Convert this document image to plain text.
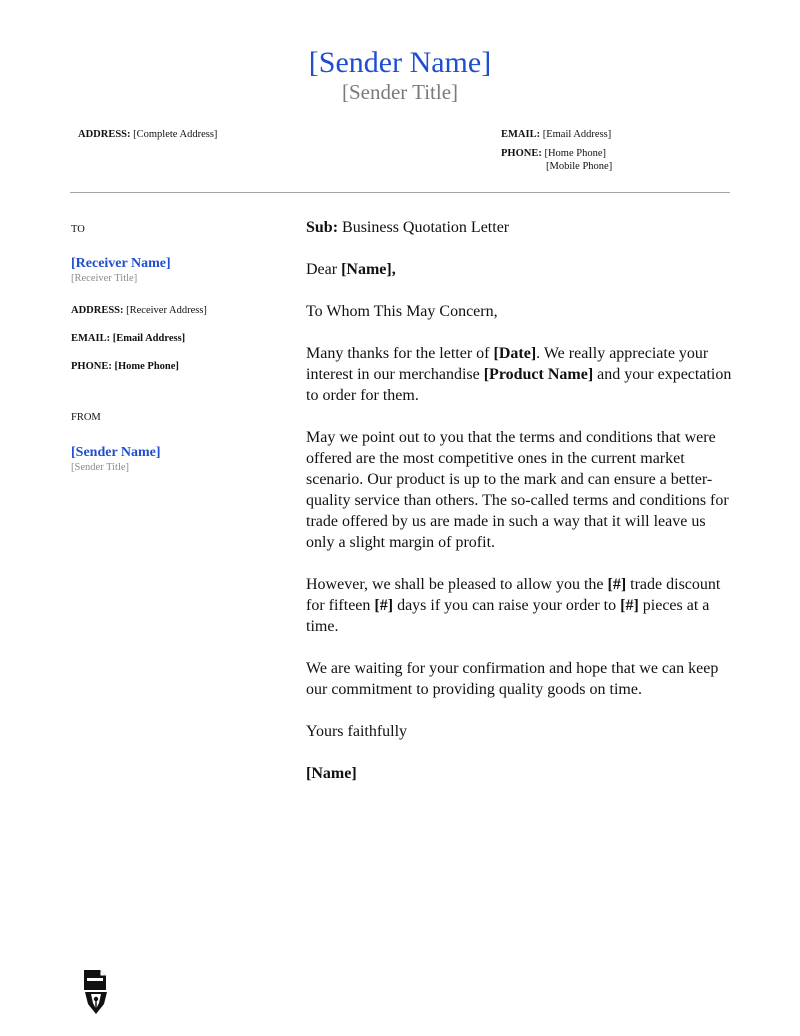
[Sender Name]
[Sender Title]
ADDRESS: [Complete Address]	EMAIL: [Email Address]
PHONE: [Home Phone]
[Mobile Phone]
TO
[Receiver Name]
[Receiver Title]
ADDRESS: [Receiver Address]
EMAIL: [Email Address]
PHONE: [Home Phone]
FROM
[Sender Name]
[Sender Title]

Sub: Business Quotation Letter

Dear [Name],

To Whom This May Concern,

Many thanks for the letter of [Date]. We really appreciate your interest in our merchandise [Product Name] and your expectation to order for them.

May we point out to you that the terms and conditions that were offered are the most competitive ones in the current market scenario. Our product is up to the mark and can ensure a better-quality service than others. The so-called terms and conditions for trade offered by us are made in such a way that it will leave us only a slight margin of profit.

However, we shall be pleased to allow you the [#] trade discount for fifteen [#] days if you can raise your order to [#] pieces at a time.

We are waiting for your confirmation and hope that we can keep our commitment to providing quality goods on time.

Yours faithfully

[Name]
